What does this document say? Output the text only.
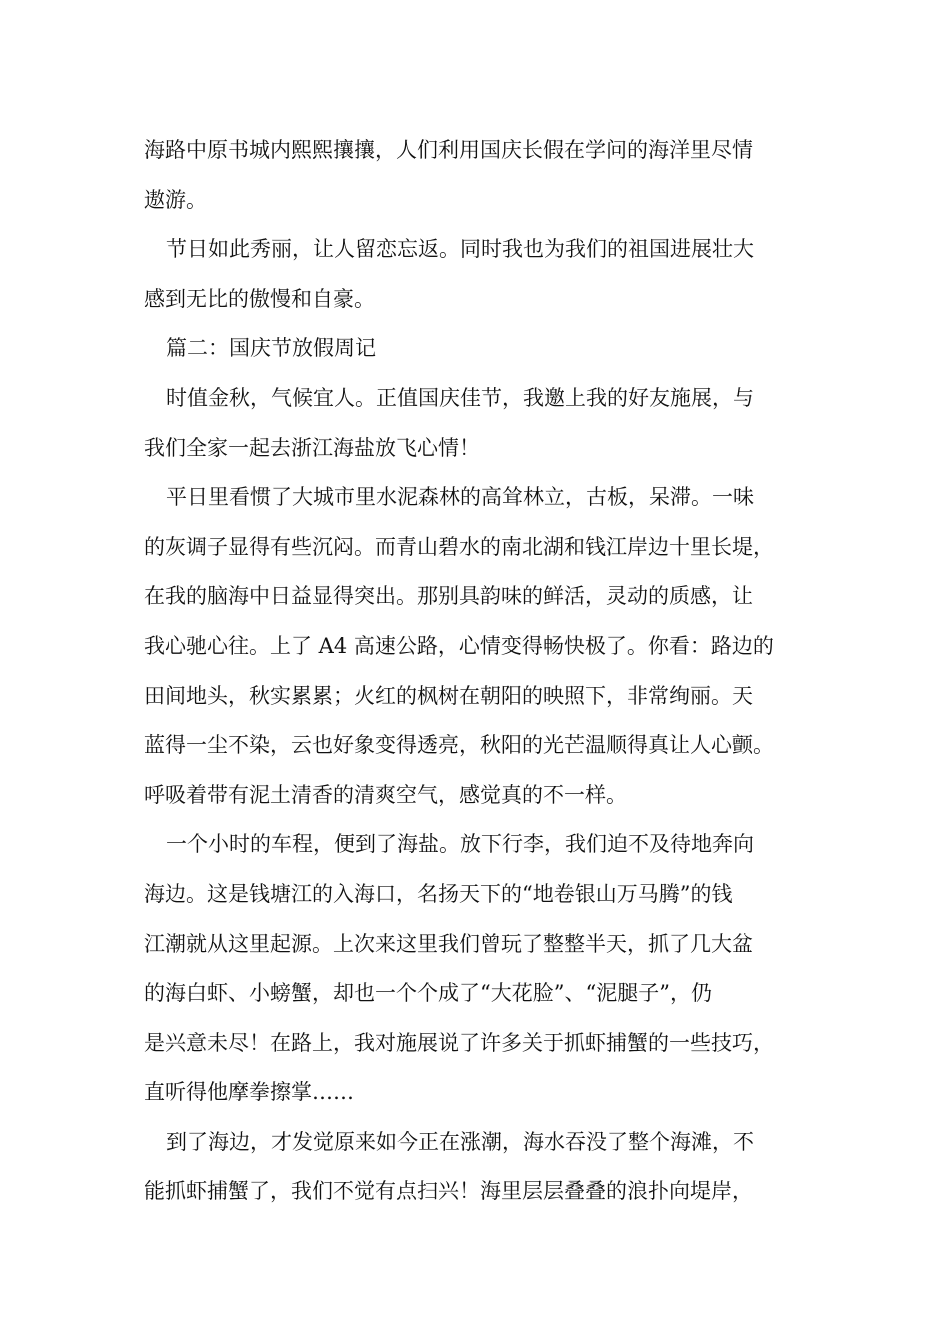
海路中原书城内熙熙攘攘，人们利用国庆长假在学问的海洋里尽情
遨游。
节日如此秀丽，让人留恋忘返。同时我也为我们的祖国进展壮大
感到无比的傲慢和自豪。
篇二：国庆节放假周记
时值金秋，气候宜人。正值国庆佳节，我邀上我的好友施展，与
我们全家一起去浙江海盐放飞心情！
平日里看惯了大城市里水泥森林的高耸林立，古板，呆滞。一味
的灰调子显得有些沉闷。而青山碧水的南北湖和钱江岸边十里长堤，
在我的脑海中日益显得突出。那别具韵味的鲜活，灵动的质感，让
我心驰心往。上了 A4 高速公路，心情变得畅快极了。你看：路边的
田间地头，秋实累累；火红的枫树在朝阳的映照下，非常绚丽。天
蓝得一尘不染，云也好象变得透亮，秋阳的光芒温顺得真让人心颤。
呼吸着带有泥土清香的清爽空气，感觉真的不一样。
一个小时的车程，便到了海盐。放下行李，我们迫不及待地奔向
海边。这是钱塘江的入海口，名扬天下的“地卷银山万马腾”的钱
江潮就从这里起源。上次来这里我们曾玩了整整半天，抓了几大盆
的海白虾、小螃蟹，却也一个个成了“大花脸”、“泥腿子”，仍
是兴意未尽！在路上，我对施展说了许多关于抓虾捕蟹的一些技巧，
直听得他摩拳擦掌……
到了海边，才发觉原来如今正在涨潮，海水吞没了整个海滩，不
能抓虾捕蟹了，我们不觉有点扫兴！海里层层叠叠的浪扑向堤岸，
